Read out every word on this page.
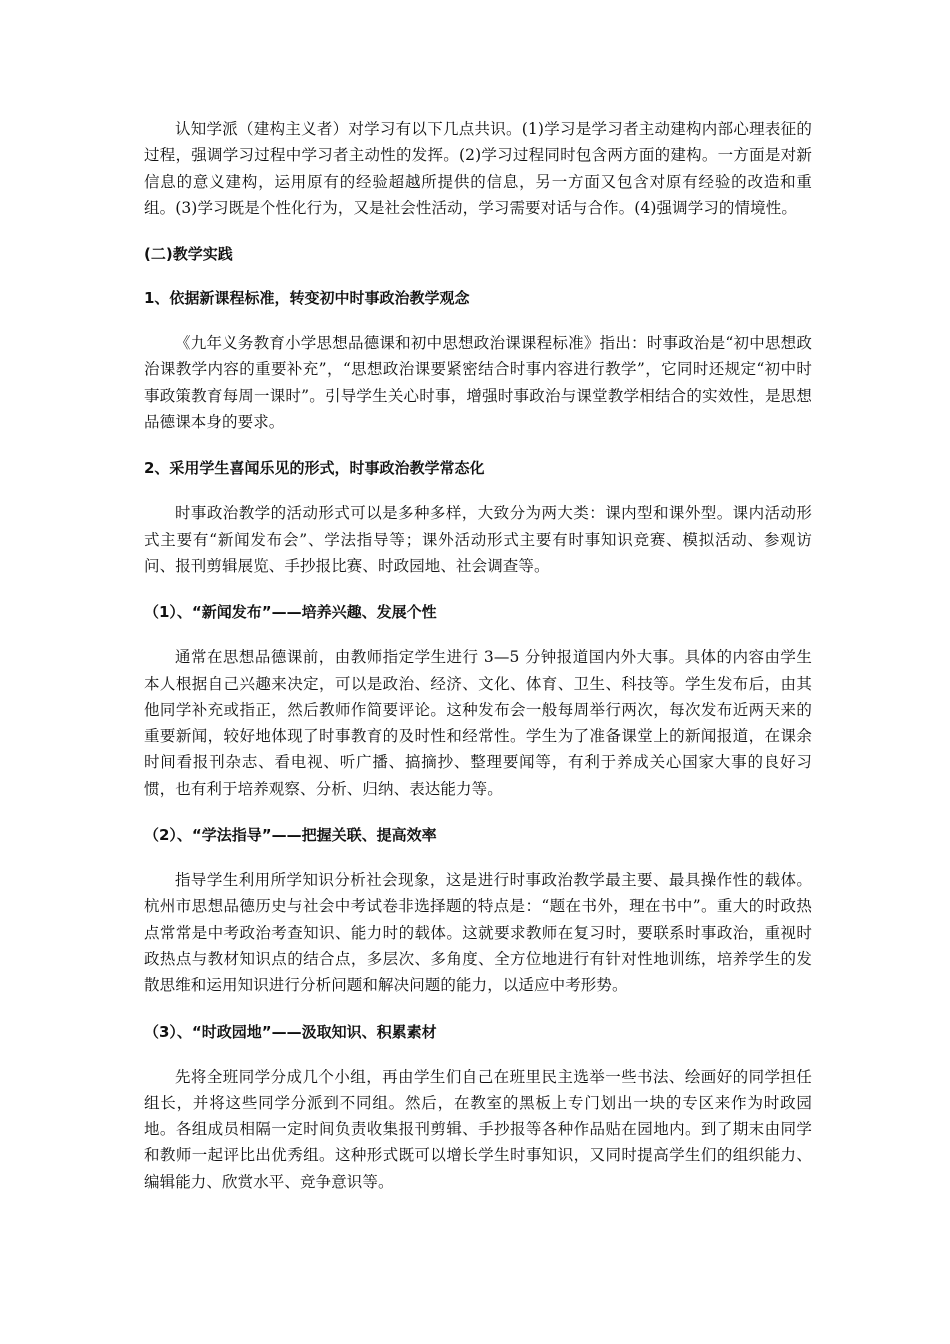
认知学派（建构主义者）对学习有以下几点共识。(1)学习是学习者主动建构内部心理表征的过程，强调学习过程中学习者主动性的发挥。(2)学习过程同时包含两方面的建构。一方面是对新信息的意义建构，运用原有的经验超越所提供的信息，另一方面又包含对原有经验的改造和重组。(3)学习既是个性化行为，又是社会性活动，学习需要对话与合作。(4)强调学习的情境性。

(二)教学实践
1、依据新课程标准，转变初中时事政治教学观念

《九年义务教育小学思想品德课和初中思想政治课课程标准》指出：时事政治是“初中思想政治课教学内容的重要补充”，“思想政治课要紧密结合时事内容进行教学”，它同时还规定“初中时事政策教育每周一课时”。引导学生关心时事，增强时事政治与课堂教学相结合的实效性，是思想品德课本身的要求。

2、采用学生喜闻乐见的形式，时事政治教学常态化

时事政治教学的活动形式可以是多种多样，大致分为两大类：课内型和课外型。课内活动形式主要有“新闻发布会”、学法指导等；课外活动形式主要有时事知识竞赛、模拟活动、参观访问、报刊剪辑展览、手抄报比赛、时政园地、社会调查等。

（1）、“新闻发布”——培养兴趣、发展个性

通常在思想品德课前，由教师指定学生进行 3—5 分钟报道国内外大事。具体的内容由学生本人根据自己兴趣来决定，可以是政治、经济、文化、体育、卫生、科技等。学生发布后，由其他同学补充或指正，然后教师作简要评论。这种发布会一般每周举行两次，每次发布近两天来的重要新闻，较好地体现了时事教育的及时性和经常性。学生为了准备课堂上的新闻报道，在课余时间看报刊杂志、看电视、听广播、搞摘抄、整理要闻等，有利于养成关心国家大事的良好习惯，也有利于培养观察、分析、归纳、表达能力等。

（2）、“学法指导”——把握关联、提高效率

指导学生利用所学知识分析社会现象，这是进行时事政治教学最主要、最具操作性的载体。杭州市思想品德历史与社会中考试卷非选择题的特点是：“题在书外，理在书中”。重大的时政热点常常是中考政治考查知识、能力时的载体。这就要求教师在复习时，要联系时事政治，重视时政热点与教材知识点的结合点，多层次、多角度、全方位地进行有针对性地训练，培养学生的发散思维和运用知识进行分析问题和解决问题的能力，以适应中考形势。

（3）、“时政园地”——汲取知识、积累素材

先将全班同学分成几个小组，再由学生们自己在班里民主选举一些书法、绘画好的同学担任组长，并将这些同学分派到不同组。然后，在教室的黑板上专门划出一块的专区来作为时政园地。各组成员相隔一定时间负责收集报刊剪辑、手抄报等各种作品贴在园地内。到了期末由同学和教师一起评比出优秀组。这种形式既可以增长学生时事知识，又同时提高学生们的组织能力、编辑能力、欣赏水平、竞争意识等。
